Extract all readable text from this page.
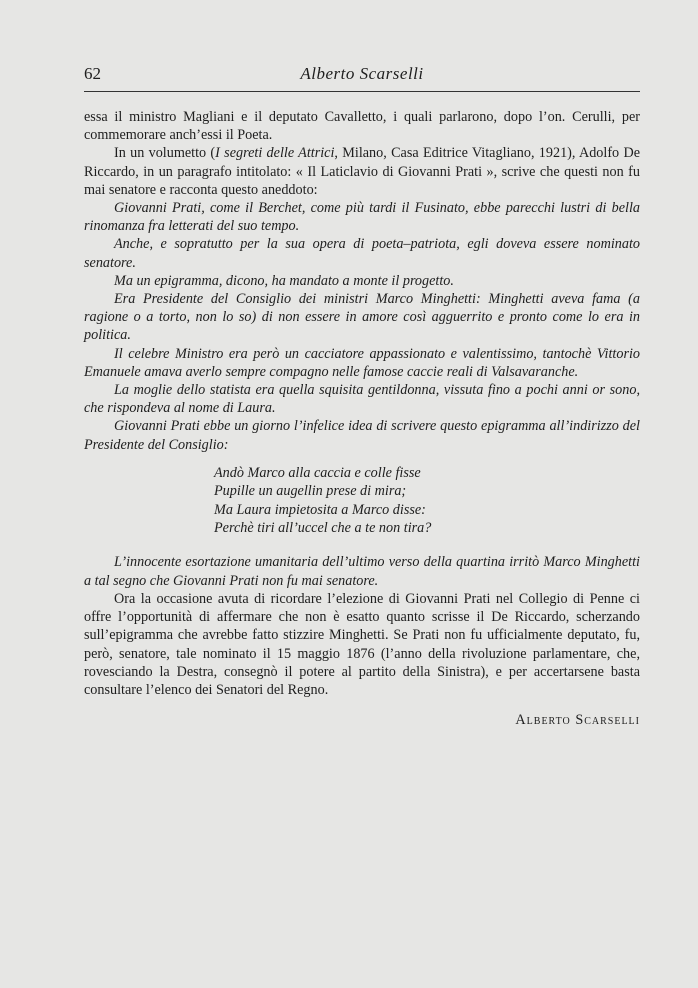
62	Alberto Scarselli

essa il ministro Magliani e il deputato Cavalletto, i quali parlarono, dopo l’on. Cerulli, per commemorare anch’essi il Poeta.

In un volumetto (I segreti delle Attrici, Milano, Casa Editrice Vitagliano, 1921), Adolfo De Riccardo, in un paragrafo intitolato: « Il Laticlavio di Giovanni Prati », scrive che questi non fu mai senatore e racconta questo aneddoto:

Giovanni Prati, come il Berchet, come più tardi il Fusinato, ebbe parecchi lustri di bella rinomanza fra letterati del suo tempo.

Anche, e sopratutto per la sua opera di poeta–patriota, egli doveva essere nominato senatore.

Ma un epigramma, dicono, ha mandato a monte il progetto.

Era Presidente del Consiglio dei ministri Marco Minghetti: Minghetti aveva fama (a ragione o a torto, non lo so) di non essere in amore così agguerrito e pronto come lo era in politica.

Il celebre Ministro era però un cacciatore appassionato e valentissimo, tantochè Vittorio Emanuele amava averlo sempre compagno nelle famose caccie reali di Valsavaranche.

La moglie dello statista era quella squisita gentildonna, vissuta fino a pochi anni or sono, che rispondeva al nome di Laura.

Giovanni Prati ebbe un giorno l’infelice idea di scrivere questo epigramma all’indirizzo del Presidente del Consiglio:

Andò Marco alla caccia e colle fisse
Pupille un augellin prese di mira;
Ma Laura impietosita a Marco disse:
Perchè tiri all’uccel che a te non tira?

L’innocente esortazione umanitaria dell’ultimo verso della quartina irritò Marco Minghetti a tal segno che Giovanni Prati non fu mai senatore.

Ora la occasione avuta di ricordare l’elezione di Giovanni Prati nel Collegio di Penne ci offre l’opportunità di affermare che non è esatto quanto scrisse il De Riccardo, scherzando sull’epigramma che avrebbe fatto stizzire Minghetti. Se Prati non fu ufficialmente deputato, fu, però, senatore, tale nominato il 15 maggio 1876 (l’anno della rivoluzione parlamentare, che, rovesciando la Destra, consegnò il potere al partito della Sinistra), e per accertarsene basta consultare l’elenco dei Senatori del Regno.

Alberto Scarselli
